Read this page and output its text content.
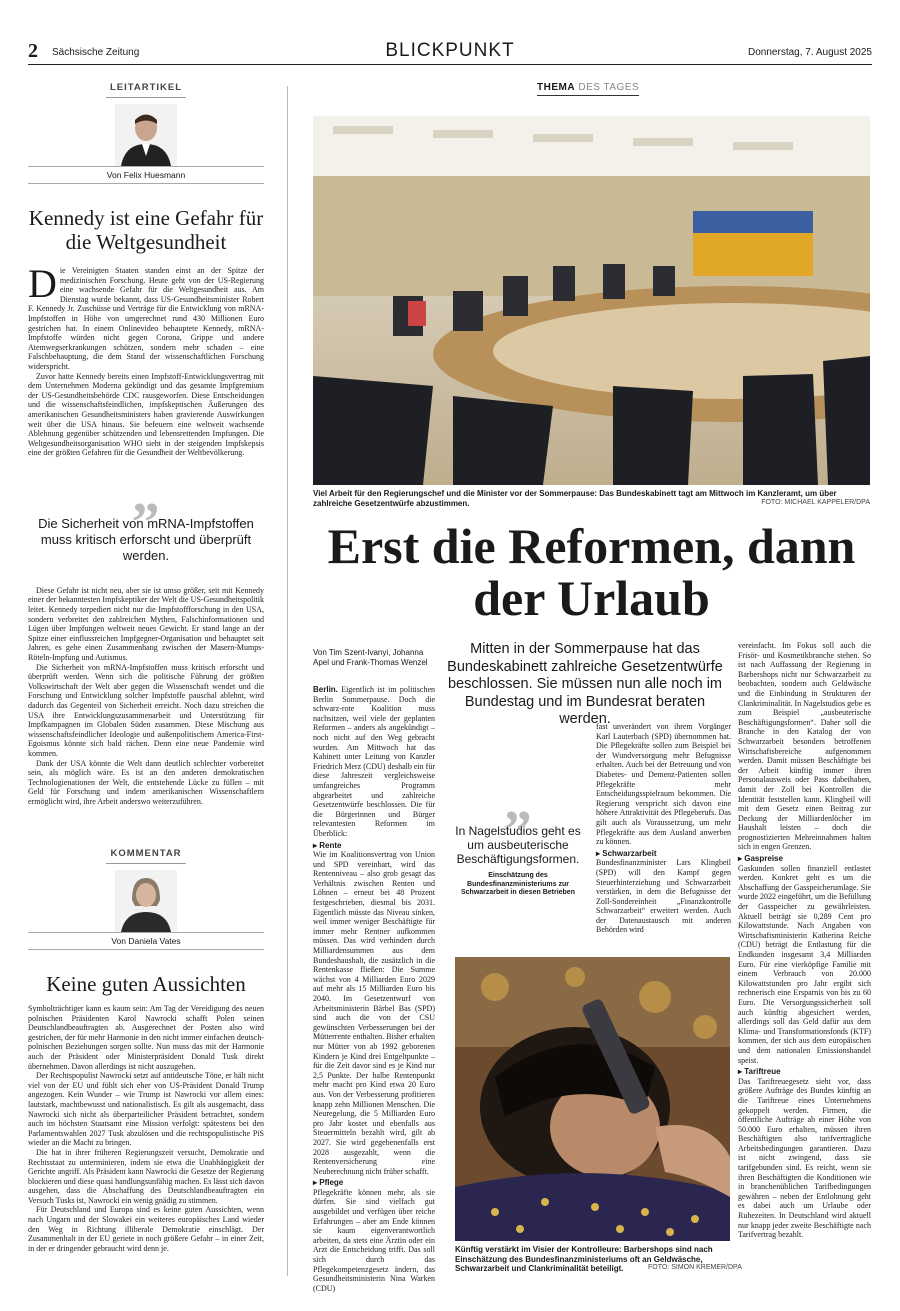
2 Sächsische Zeitung	BLICKPUNKT	Donnerstag, 7. August 2025
LEITARTIKEL
Von Felix Huesmann
Kennedy ist eine Gefahr für die Weltgesundheit
D ie Vereinigten Staaten standen einst an der Spitze der medizinischen Forschung. Heute geht von der US-Regierung eine wachsende Gefahr für die Weltgesundheit aus. Am Dienstag wurde bekannt, dass US-Gesundheitsminister Robert F. Kennedy Jr. Zuschüsse und Verträge für die Entwicklung von mRNA-Impfstoffen in Höhe von umgerechnet rund 430 Millionen Euro gestrichen hat. In einem Onlinevideo behauptete Kennedy, mRNA-Impfstoffe würden nicht gegen Corona, Grippe und andere Atemwegserkrankungen schützen, sondern mehr schaden – eine Falschbehauptung, die dem Stand der wissenschaftlichen Forschung widerspricht.

Zuvor hatte Kennedy bereits einen Impfstoff-Entwicklungsvertrag mit dem Unternehmen Moderna gekündigt und das gesamte Impfgremium der US-Gesundheitsbehörde CDC rausgeworfen. Diese Entscheidungen und die wissenschaftsfeindlichen, impfskeptischen Äußerungen des amerikanischen Gesundheitsministers haben gravierende Auswirkungen weit über die USA hinaus. Sie befeuern eine weltweit wachsende Ablehnung gegenüber schützenden und lebensrettenden Impfungen. Die Weltgesundheitsorganisation WHO sieht in der steigenden Impfskepsis eine der größten Gefahren für die Gesundheit der Weltbevölkerung.

„
Die Sicherheit von mRNA-Impfstoffen muss kritisch erforscht und überprüft werden.

Diese Gefahr ist nicht neu, aber sie ist umso größer, seit mit Kennedy einer der bekanntesten Impfskeptiker der Welt die US-Gesundheitspolitik leitet. Kennedy torpediert nicht nur die Impfstoffforschung in den USA, sondern verbreitet den zahlreichen Mythen, Falschinformationen und Lügen über Impfungen weltweit neues Gewicht. Er stand lange an der Spitze einer einflussreichen Impfgegner-Organisation und behauptet seit Jahren, es gebe einen Zusammenhang zwischen der Masern-Mumps-Röteln-Impfung und Autismus.

Die Sicherheit von mRNA-Impfstoffen muss kritisch erforscht und überprüft werden. Wenn sich die politische Führung der größten Volkswirtschaft der Welt aber gegen die Wissenschaft wendet und die Forschung und Entwicklung solcher Impfstoffe pauschal ablehnt, wird dadurch das Gegenteil von Sicherheit erreicht. Noch dazu streichen die USA ihre Entwicklungszusammenarbeit und Unterstützung für Impfkampagnen im Globalen Süden zusammen. Diese Mischung aus wissenschaftsfeindlicher Ideologie und außenpolitischem America-First-Egoismus könnte sich bald rächen. Denn eine neue Pandemie wird kommen.

Dank der USA könnte die Welt dann deutlich schlechter vorbereitet sein, als möglich wäre. Es ist an den anderen demokratischen Technologienationen der Welt, die entstehende Lücke zu füllen – mit Geld für Forschung und indem amerikanischen Wissenschaftlern ermöglicht wird, ihre Arbeit anderswo weiterzuführen.

KOMMENTAR
Von Daniela Vates
Keine guten Aussichten

Symbolträchtiger kann es kaum sein: Am Tag der Vereidigung des neuen polnischen Präsidenten Karol Nawrocki schafft Polen seinen Deutschlandbeauftragten ab. Ausgerechnet der Posten also wird gestrichen, der für mehr Harmonie in den nicht immer einfachen deutsch-polnischen Beziehungen sorgen sollte. Nun muss das mit der Harmonie auch der Präsident oder Ministerpräsident Donald Tusk direkt übernehmen. Davon allerdings ist nicht auszugehen.

Der Rechtspopulist Nawrocki setzt auf antideutsche Töne, er hält nicht viel von der EU und fühlt sich eher von US-Präsident Donald Trump angezogen. Kein Wunder – wie Trump ist Nawrocki vor allem eines: lautstark, machtbewusst und nationalistisch. Es gilt als ausgemacht, dass Nawrocki sich nicht als überparteilicher Präsident betrachtet, sondern auch im höchsten Staatsamt eine Mission verfolgt: spätestens bei den Parlamentswahlen 2027 Tusk abzulösen und die rechtspopulistische PiS wieder an die Macht zu bringen.

Die hat in ihrer früheren Regierungszeit versucht, Demokratie und Rechtsstaat zu unterminieren, indem sie etwa die Unabhängigkeit der Gerichte angriff. Als Präsident kann Nawrocki die Gesetze der Regierung blockieren und diese quasi handlungsunfähig machen. Es lässt sich davon ausgehen, dass die Abschaffung des Deutschlandbeauftragten ein Versuch Tusks ist, Nawrocki ein wenig gnädig zu stimmen.

Für Deutschland und Europa sind es keine guten Aussichten, wenn nach Ungarn und der Slowakei ein weiteres europäisches Land wieder den Weg in Richtung illiberale Demokratie einschlägt. Der Zusammenhalt in der EU geriete in noch größere Gefahr – in einer Zeit, in der er dringender gebraucht wird denn je.

THEMA DES TAGES
Viel Arbeit für den Regierungschef und die Minister vor der Sommerpause: Das Bundeskabinett tagt am Mittwoch im Kanzleramt, um über zahlreiche Gesetzentwürfe abzustimmen.	FOTO: MICHAEL KAPPELER/DPA
Erst die Reformen, dann der Urlaub
Von Tim Szent-Ivanyi, Johanna Apel und Frank-Thomas Wenzel
Mitten in der Sommerpause hat das Bundeskabinett zahlreiche Gesetzentwürfe beschlossen. Sie müssen nun alle noch im Bundestag und im Bundesrat beraten werden.

Berlin. Eigentlich ist im politischen Berlin Sommerpause. Doch die schwarz-rote Koalition muss nachsitzen, weil viele der geplanten Reformen – anders als angekündigt – noch nicht auf den Weg gebracht wurden. Am Mittwoch hat das Kabinett unter Leitung von Kanzler Friedrich Merz (CDU) deshalb ein für diese Jahreszeit vergleichsweise umfangreiches Programm abgearbeitet und zahlreiche Gesetzentwürfe beschlossen. Die für die Bürgerinnen und Bürger relevantesten Reformen im Überblick:

▸ Rente

Wie im Koalitionsvertrag von Union und SPD vereinbart, wird das Rentenniveau – also grob gesagt das Verhältnis zwischen Renten und Löhnen – erneut bei 48 Prozent festgeschrieben, diesmal bis 2031. Eigentlich müsste das Niveau sinken, weil immer weniger Beschäftigte für immer mehr Rentner aufkommen müssen. Das wird verhindert durch Milliardensummen aus dem Bundeshaushalt, die zusätzlich in die Rentenkasse fließen: Die Summe wächst von 4 Milliarden Euro 2029 auf mehr als 15 Milliarden Euro bis 2040. Im Gesetzentwurf von Arbeitsministerin Bärbel Bas (SPD) sind auch die von der CSU gewünschten Verbesserungen bei der Mütterrente enthalten. Bisher erhalten nur Mütter von ab 1992 geborenen Kindern je Kind drei Entgeltpunkte – für die Zeit davor sind es je Kind nur 2,5 Punkte. Der halbe Rentenpunkt mehr macht pro Kind etwa 20 Euro aus. Von der Verbesserung profitieren knapp zehn Millionen Menschen. Die Neuregelung, die 5 Milliarden Euro pro Jahr kostet und ebenfalls aus Steuermitteln bezahlt wird, gilt ab 2027. Sie wird gegebenenfalls erst 2028 ausgezahlt, wenn die Rentenversicherung eine Neuberechnung nicht früher schafft.

▸ Pflege

Pflegekräfte können mehr, als sie dürfen. Sie sind vielfach gut ausgebildet und verfügen über reiche Erfahrungen – aber am Ende können sie kaum eigenverantwortlich arbeiten, da stets eine Ärztin oder ein Arzt die Entscheidung trifft. Das soll sich durch das Pflegekompetenzgesetz ändern, das Gesundheitsministerin Nina Warken (CDU)

„
In Nagelstudios geht es um ausbeuterische Beschäftigungsformen.
Einschätzung des Bundesfinanzministeriums zur Schwarzarbeit in diesen Betrieben

fast unverändert von ihrem Vorgänger Karl Lauterbach (SPD) übernommen hat. Die Pflegekräfte sollen zum Beispiel bei der Wundversorgung mehr Befugnisse erhalten. Auch bei der Betreuung und von Diabetes- und Demenz-Patienten sollen Pflegekräfte mehr Entscheidungsspielraum bekommen. Die Regierung verspricht sich davon eine höhere Attraktivität des Pflegeberufs. Das gilt auch als Voraussetzung, um mehr Pflegekräfte aus dem Ausland anwerben zu können.

▸ Schwarzarbeit

Bundesfinanzminister Lars Klingbeil (SPD) will den Kampf gegen Steuerhinterziehung und Schwarzarbeit verstärken, in dem die Befugnisse der Zoll-Sondereinheit „Finanzkontrolle Schwarzarbeit“ erweitert werden. Auch der Datenaustausch mit anderen Behörden wird

vereinfacht. Im Fokus soll auch die Frisör- und Kosmetikbranche stehen. So ist nach Auffassung der Regierung in Barbershops nicht nur Schwarzarbeit zu beobachten, sondern auch Geldwäsche und die Einbindung in Strukturen der Clankriminalität. In Nagelstudios gebe es zum Beispiel „ausbeuterische Beschäftigungsformen“. Daher soll die Branche in den Katalog der von Schwarzarbeit besonders betroffenen Wirtschaftsbereiche aufgenommen werden. Damit müssen Beschäftigte bei der Arbeit künftig immer ihren Personalausweis oder Pass dabeihaben, damit der Zoll bei Kontrollen die Identität feststellen kann. Klingbeil will mit dem Gesetz einen Beitrag zur Deckung der Milliardenlöcher im Haushalt leisten – doch die prognostizierten Mehreinnahmen halten sich in engen Grenzen.

▸ Gaspreise

Gaskunden sollen finanziell entlastet werden. Konkret geht es um die Abschaffung der Gasspeicherumlage. Sie wurde 2022 eingeführt, um die Befüllung der Gasspeicher zu gewährleisten. Aktuell beträgt sie 0,289 Cent pro Kilowattstunde. Nach Angaben von Wirtschaftsministerin Katherina Reiche (CDU) beträgt die Entlastung für die Endkunden insgesamt 3,4 Milliarden Euro. Für eine vierköpfige Familie mit einem Verbrauch von 20.000 Kilowattstunden pro Jahr ergibt sich rechnerisch eine Ersparnis von bis zu 60 Euro. Die Versorgungssicherheit soll auch künftig abgesichert werden, allerdings soll das Geld dafür aus dem Klima- und Transformationsfonds (KTF) kommen, der sich aus dem europäischen und dem nationalen Emissionshandel speist.

▸ Tariftreue

Das Tariftreuegesetz sieht vor, dass größere Aufträge des Bundes künftig an die Tariftreue eines Unternehmens gekoppelt werden. Firmen, die öffentliche Aufträge ab einer Höhe von 50.000 Euro erhalten, müssen ihren Beschäftigten also tarifvertragliche Arbeitsbedingungen garantieren. Dazu ist nicht zwingend, dass sie tarifgebunden sind. Es reicht, wenn sie ihren Beschäftigten die Konditionen wie in branchenüblichen Tarifbedingungen gewähren – neben der Entlohnung geht es dabei auch um Urlaube oder Ruhezeiten. In Deutschland wird aktuell nur knapp jeder zweite Beschäftigte nach Tarifvertrag bezahlt.

Künftig verstärkt im Visier der Kontrolleure: Barbershops sind nach Einschätzung des Bundesfinanzministeriums oft an Geldwäsche, Schwarzarbeit und Clankriminalität beteiligt.	FOTO: SIMON KREMER/DPA
